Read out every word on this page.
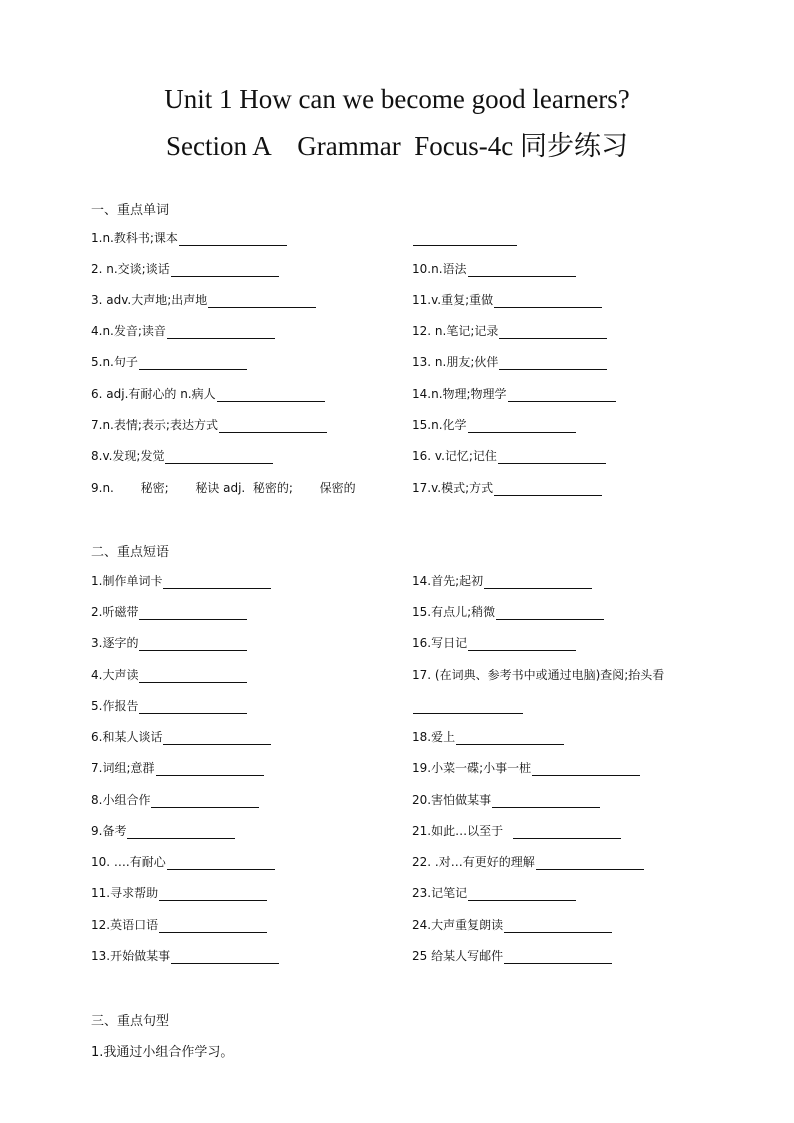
Unit 1 How can we become good learners?
Section A    Grammar  Focus-4c 同步练习
一、重点单词
1.n.教科书;课本
2. n.交谈;谈话
3. adv.大声地;出声地
4.n.发音;读音
5.n.句子
6. adj.有耐心的 n.病人
7.n.表情;表示;表达方式
8.v.发现;发觉
9.n.       秘密;       秘诀 adj.  秘密的;       保密的
10.n.语法
11.v.重复;重做
12. n.笔记;记录
13. n.朋友;伙伴
14.n.物理;物理学
15.n.化学
16. v.记忆;记住
17.v.模式;方式
二、重点短语
1.制作单词卡
2.听磁带
3.逐字的
4.大声读
5.作报告
6.和某人谈话
7.词组;意群
8.小组合作
9.备考
10. ….有耐心
11.寻求帮助
12.英语口语
13.开始做某事
14.首先;起初
15.有点儿;稍微
16.写日记
17. (在词典、参考书中或通过电脑)查阅;抬头看
18.爱上
19.小菜一碟;小事一桩
20.害怕做某事
21.如此…以至于
22. .对…有更好的理解
23.记笔记
24.大声重复朗读
25 给某人写邮件
三、重点句型
1.我通过小组合作学习。
